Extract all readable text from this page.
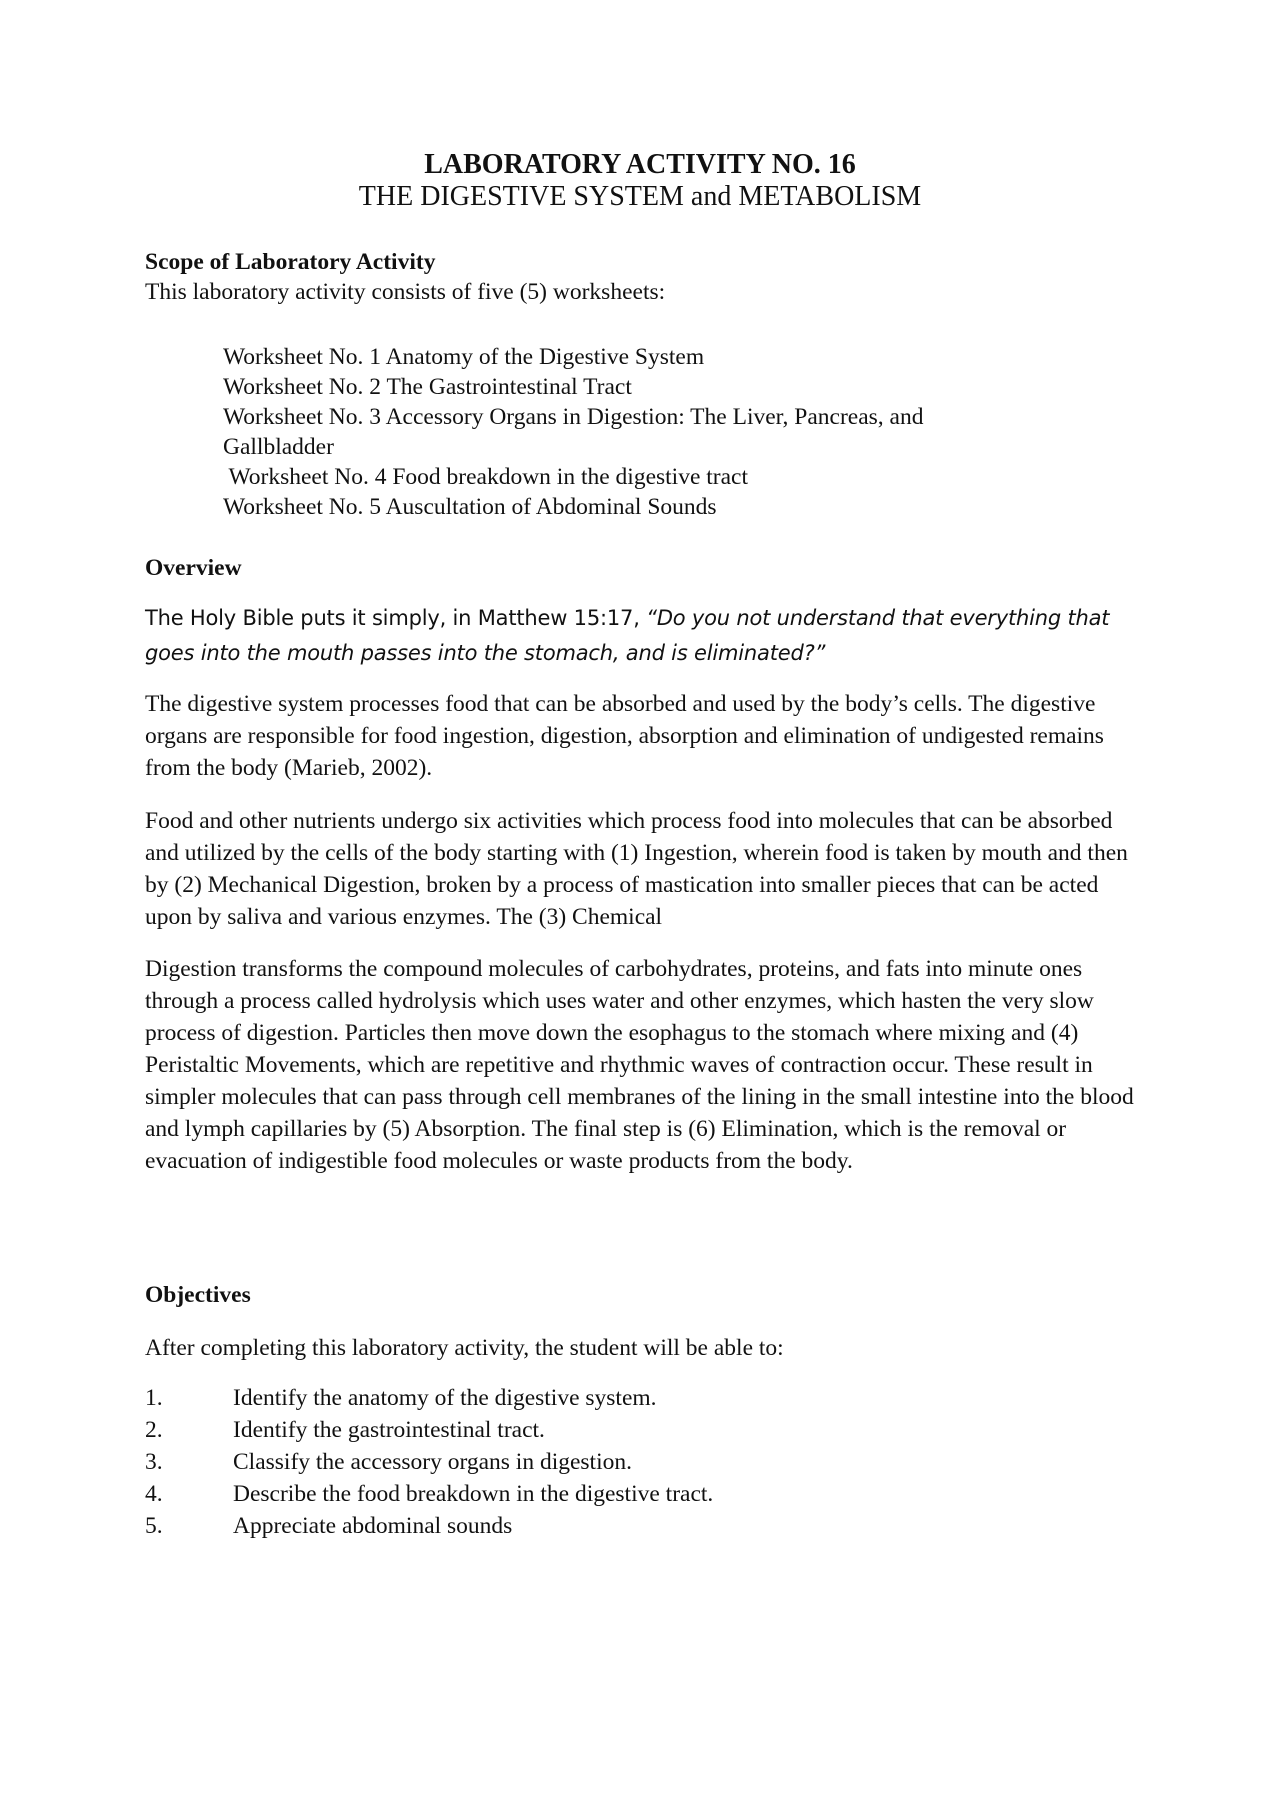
LABORATORY ACTIVITY NO. 16
THE DIGESTIVE SYSTEM and METABOLISM
Scope of Laboratory Activity
This laboratory activity consists of five (5) worksheets:
Worksheet No. 1 Anatomy of the Digestive System
Worksheet No. 2 The Gastrointestinal Tract
Worksheet No. 3 Accessory Organs in Digestion: The Liver, Pancreas, and
Gallbladder
Worksheet No. 4 Food breakdown in the digestive tract
Worksheet No. 5 Auscultation of Abdominal Sounds
Overview
The Holy Bible puts it simply, in Matthew 15:17, “Do you not understand that everything that goes into the mouth passes into the stomach, and is eliminated?”

The digestive system processes food that can be absorbed and used by the body’s cells. The digestive organs are responsible for food ingestion, digestion, absorption and elimination of undigested remains from the body (Marieb, 2002).

Food and other nutrients undergo six activities which process food into molecules that can be absorbed and utilized by the cells of the body starting with (1) Ingestion, wherein food is taken by mouth and then by (2) Mechanical Digestion, broken by a process of mastication into smaller pieces that can be acted upon by saliva and various enzymes. The (3) Chemical

Digestion transforms the compound molecules of carbohydrates, proteins, and fats into minute ones through a process called hydrolysis which uses water and other enzymes, which hasten the very slow process of digestion. Particles then move down the esophagus to the stomach where mixing and (4) Peristaltic Movements, which are repetitive and rhythmic waves of contraction occur. These result in simpler molecules that can pass through cell membranes of the lining in the small intestine into the blood and lymph capillaries by (5) Absorption. The final step is (6) Elimination, which is the removal or evacuation of indigestible food molecules or waste products from the body.

Objectives
After completing this laboratory activity, the student will be able to:
1.	Identify the anatomy of the digestive system.
2.	Identify the gastrointestinal tract.
3.	Classify the accessory organs in digestion.
4.	Describe the food breakdown in the digestive tract.
5.	Appreciate abdominal sounds
